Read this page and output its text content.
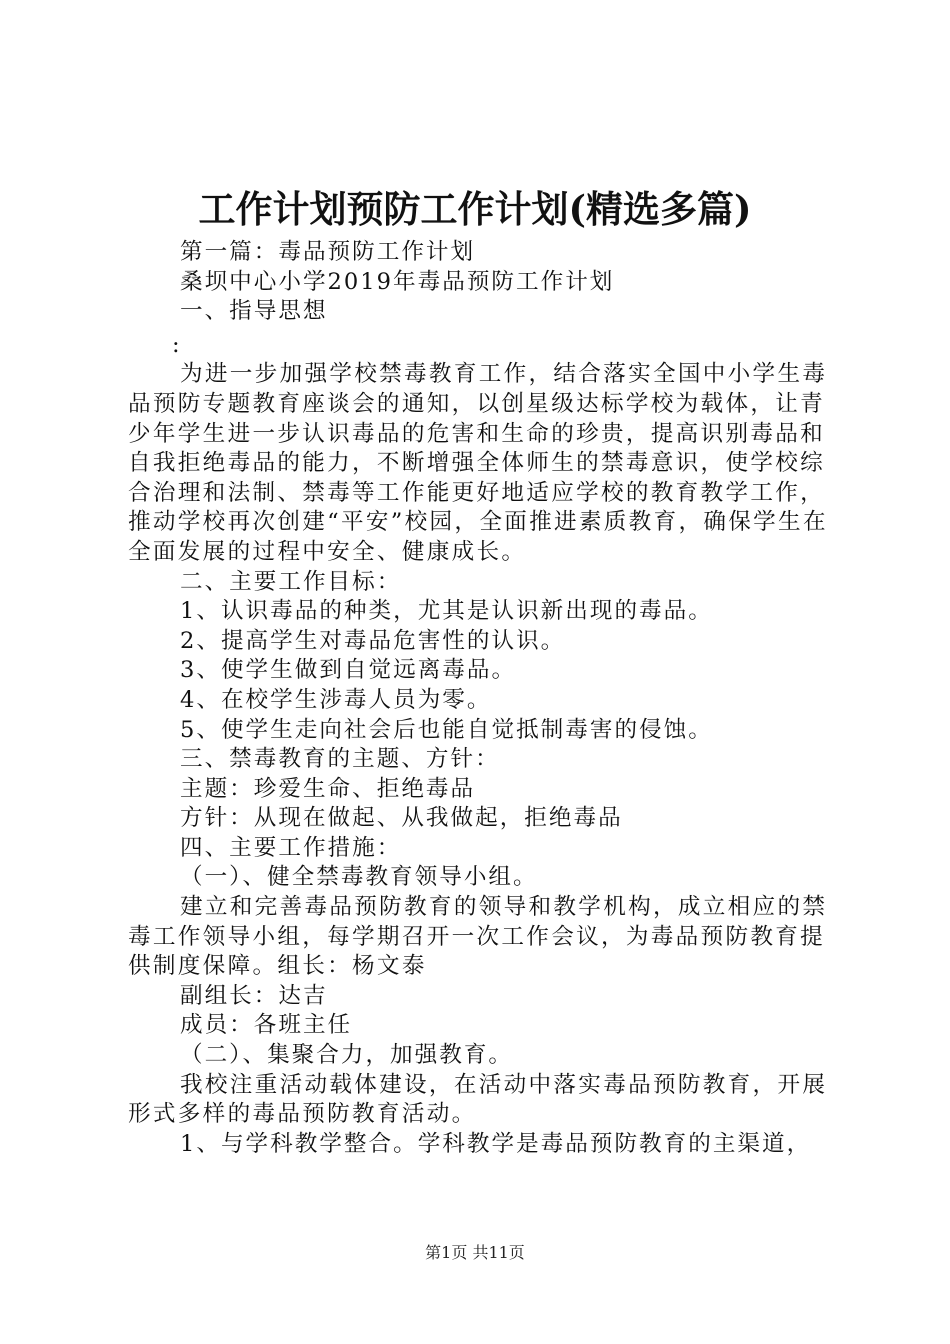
工作计划预防工作计划(精选多篇)

第一篇：毒品预防工作计划

桑坝中心小学2019年毒品预防工作计划

一、指导思想

:

为进一步加强学校禁毒教育工作，结合落实全国中小学生毒品预防专题教育座谈会的通知，以创星级达标学校为载体，让青少年学生进一步认识毒品的危害和生命的珍贵，提高识别毒品和自我拒绝毒品的能力，不断增强全体师生的禁毒意识，使学校综合治理和法制、禁毒等工作能更好地适应学校的教育教学工作，推动学校再次创建“平安”校园，全面推进素质教育，确保学生在全面发展的过程中安全、健康成长。

二、主要工作目标：

1、认识毒品的种类，尤其是认识新出现的毒品。

2、提高学生对毒品危害性的认识。

3、使学生做到自觉远离毒品。

4、在校学生涉毒人员为零。

5、使学生走向社会后也能自觉抵制毒害的侵蚀。

三、禁毒教育的主题、方针：

主题：珍爱生命、拒绝毒品

方针：从现在做起、从我做起，拒绝毒品

四、主要工作措施：

（一）、健全禁毒教育领导小组。

建立和完善毒品预防教育的领导和教学机构，成立相应的禁毒工作领导小组，每学期召开一次工作会议，为毒品预防教育提供制度保障。组长：杨文泰

副组长：达吉

成员：各班主任

（二）、集聚合力，加强教育。

我校注重活动载体建设，在活动中落实毒品预防教育，开展形式多样的毒品预防教育活动。

1、与学科教学整合。学科教学是毒品预防教育的主渠道，

第1页 共11页
